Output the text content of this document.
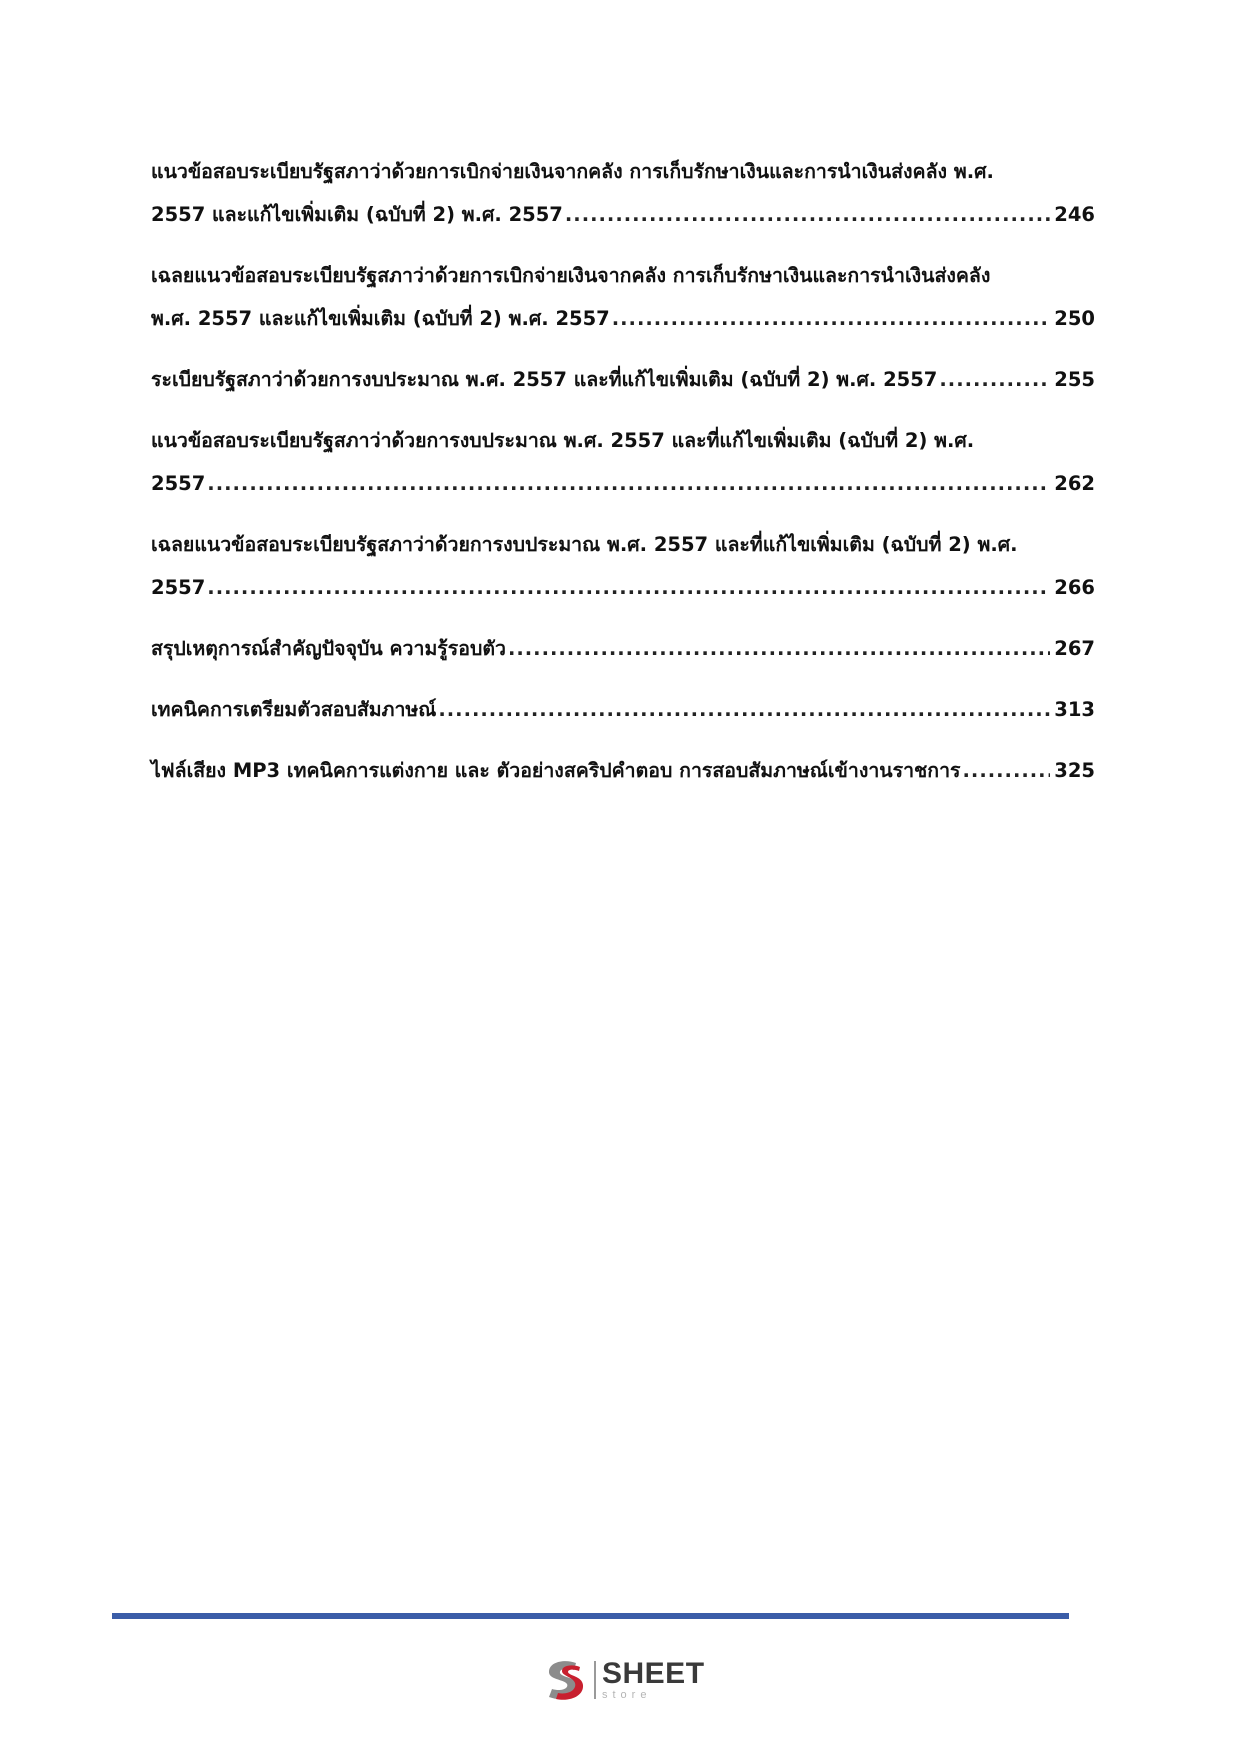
แนวข้อสอบระเบียบรัฐสภาว่าด้วยการเบิกจ่ายเงินจากคลัง การเก็บรักษาเงินและการนำเงินส่งคลัง พ.ศ.
2557 และแก้ไขเพิ่มเติม (ฉบับที่ 2) พ.ศ. 2557 .....	246
เฉลยแนวข้อสอบระเบียบรัฐสภาว่าด้วยการเบิกจ่ายเงินจากคลัง การเก็บรักษาเงินและการนำเงินส่งคลัง
พ.ศ. 2557 และแก้ไขเพิ่มเติม (ฉบับที่ 2) พ.ศ. 2557 .....	250
ระเบียบรัฐสภาว่าด้วยการงบประมาณ พ.ศ. 2557 และที่แก้ไขเพิ่มเติม (ฉบับที่ 2) พ.ศ. 2557 .....	255
แนวข้อสอบระเบียบรัฐสภาว่าด้วยการงบประมาณ พ.ศ. 2557 และที่แก้ไขเพิ่มเติม (ฉบับที่ 2) พ.ศ.
2557 .....	262
เฉลยแนวข้อสอบระเบียบรัฐสภาว่าด้วยการงบประมาณ พ.ศ. 2557 และที่แก้ไขเพิ่มเติม (ฉบับที่ 2) พ.ศ.
2557 .....	266
สรุปเหตุการณ์สำคัญปัจจุบัน ความรู้รอบตัว .....	267
เทคนิคการเตรียมตัวสอบสัมภาษณ์ .....	313
ไฟล์เสียง MP3 เทคนิคการแต่งกาย และ ตัวอย่างสคริปคำตอบ การสอบสัมภาษณ์เข้างานราชการ .....	325
SHEET
store
